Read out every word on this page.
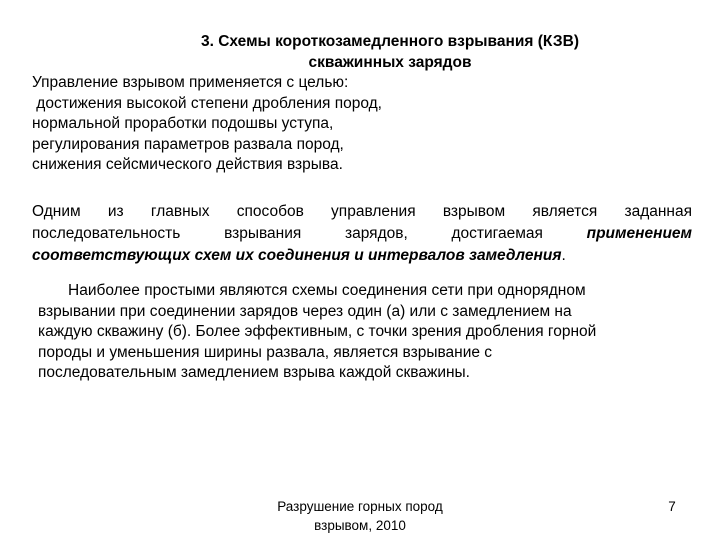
3. Схемы короткозамедленного взрывания (КЗВ)
скважинных зарядов
Управление взрывом применяется с целью:
достижения высокой степени дробления пород,
нормальной проработки подошвы уступа,
регулирования параметров развала пород,
снижения сейсмического действия взрыва.
Одним из главных способов управления взрывом является заданная
последовательность взрывания зарядов, достигаемая	применением
соответствующих схем их соединения и интервалов замедления.
Наиболее простыми являются схемы соединения сети при однорядном
взрывании при соединении зарядов через один (а) или с замедлением на
каждую скважину (б). Более эффективным, с точки зрения дробления горной
породы и уменьшения ширины развала, является взрывание с
последовательным замедлением взрыва каждой скважины.
Разрушение горных пород
взрывом, 2010
7
